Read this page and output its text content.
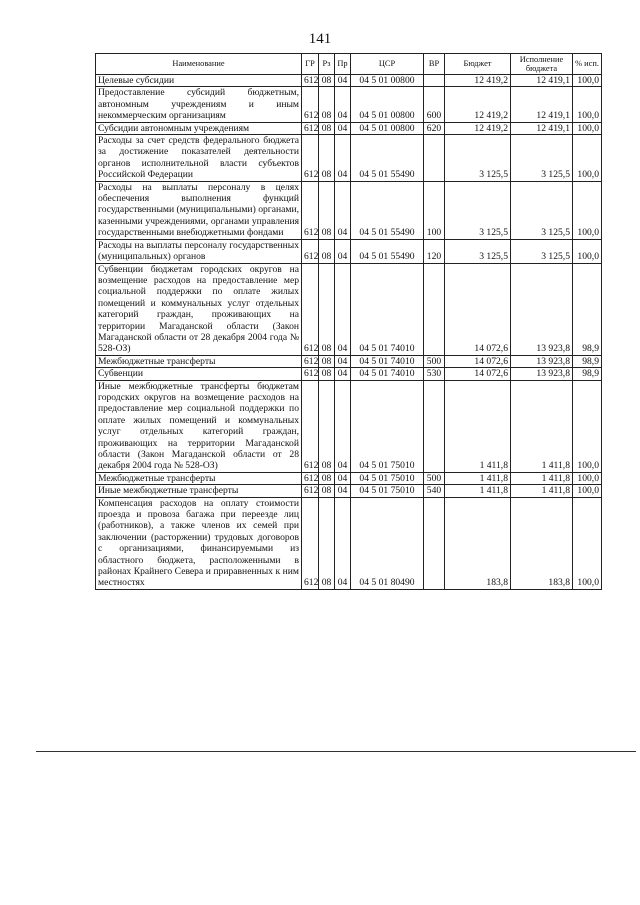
141
Наименование	ГР	Рз	Пр	ЦСР	ВР	Бюджет	Исполнение бюджета	% исп.
Целевые субсидии	612	08	04	04 5 01 00800		12 419,2	12 419,1	100,0
Предоставление субсидий бюджетным, автономным учреждениям и иным некоммерческим организациям	612	08	04	04 5 01 00800	600	12 419,2	12 419,1	100,0
Субсидии автономным учреждениям	612	08	04	04 5 01 00800	620	12 419,2	12 419,1	100,0
Расходы за счет средств федерального бюджета за достижение показателей деятельности органов исполнительной власти субъектов Российской Федерации	612	08	04	04 5 01 55490		3 125,5	3 125,5	100,0
Расходы на выплаты персоналу в целях обеспечения выполнения функций государственными (муниципальными) органами, казенными учреждениями, органами управления государственными внебюджетными фондами	612	08	04	04 5 01 55490	100	3 125,5	3 125,5	100,0
Расходы на выплаты персоналу государственных (муниципальных) органов	612	08	04	04 5 01 55490	120	3 125,5	3 125,5	100,0
Субвенции бюджетам городских округов на возмещение расходов на предоставление мер социальной поддержки по оплате жилых помещений и коммунальных услуг отдельных категорий граждан, проживающих на территории Магаданской области (Закон Магаданской области от 28 декабря 2004 года № 528-ОЗ)	612	08	04	04 5 01 74010		14 072,6	13 923,8	98,9
Межбюджетные трансферты	612	08	04	04 5 01 74010	500	14 072,6	13 923,8	98,9
Субвенции	612	08	04	04 5 01 74010	530	14 072,6	13 923,8	98,9
Иные межбюджетные трансферты бюджетам городских округов на возмещение расходов на предоставление мер социальной поддержки по оплате жилых помещений и коммунальных услуг отдельных категорий граждан, проживающих на территории Магаданской области (Закон Магаданской области от 28 декабря 2004 года № 528-ОЗ)	612	08	04	04 5 01 75010		1 411,8	1 411,8	100,0
Межбюджетные трансферты	612	08	04	04 5 01 75010	500	1 411,8	1 411,8	100,0
Иные межбюджетные трансферты	612	08	04	04 5 01 75010	540	1 411,8	1 411,8	100,0
Компенсация расходов на оплату стоимости проезда и провоза багажа при переезде лиц (работников), а также членов их семей при заключении (расторжении) трудовых договоров с организациями, финансируемыми из областного бюджета, расположенными в районах Крайнего Севера и приравненных к ним местностях	612	08	04	04 5 01 80490		183,8	183,8	100,0
